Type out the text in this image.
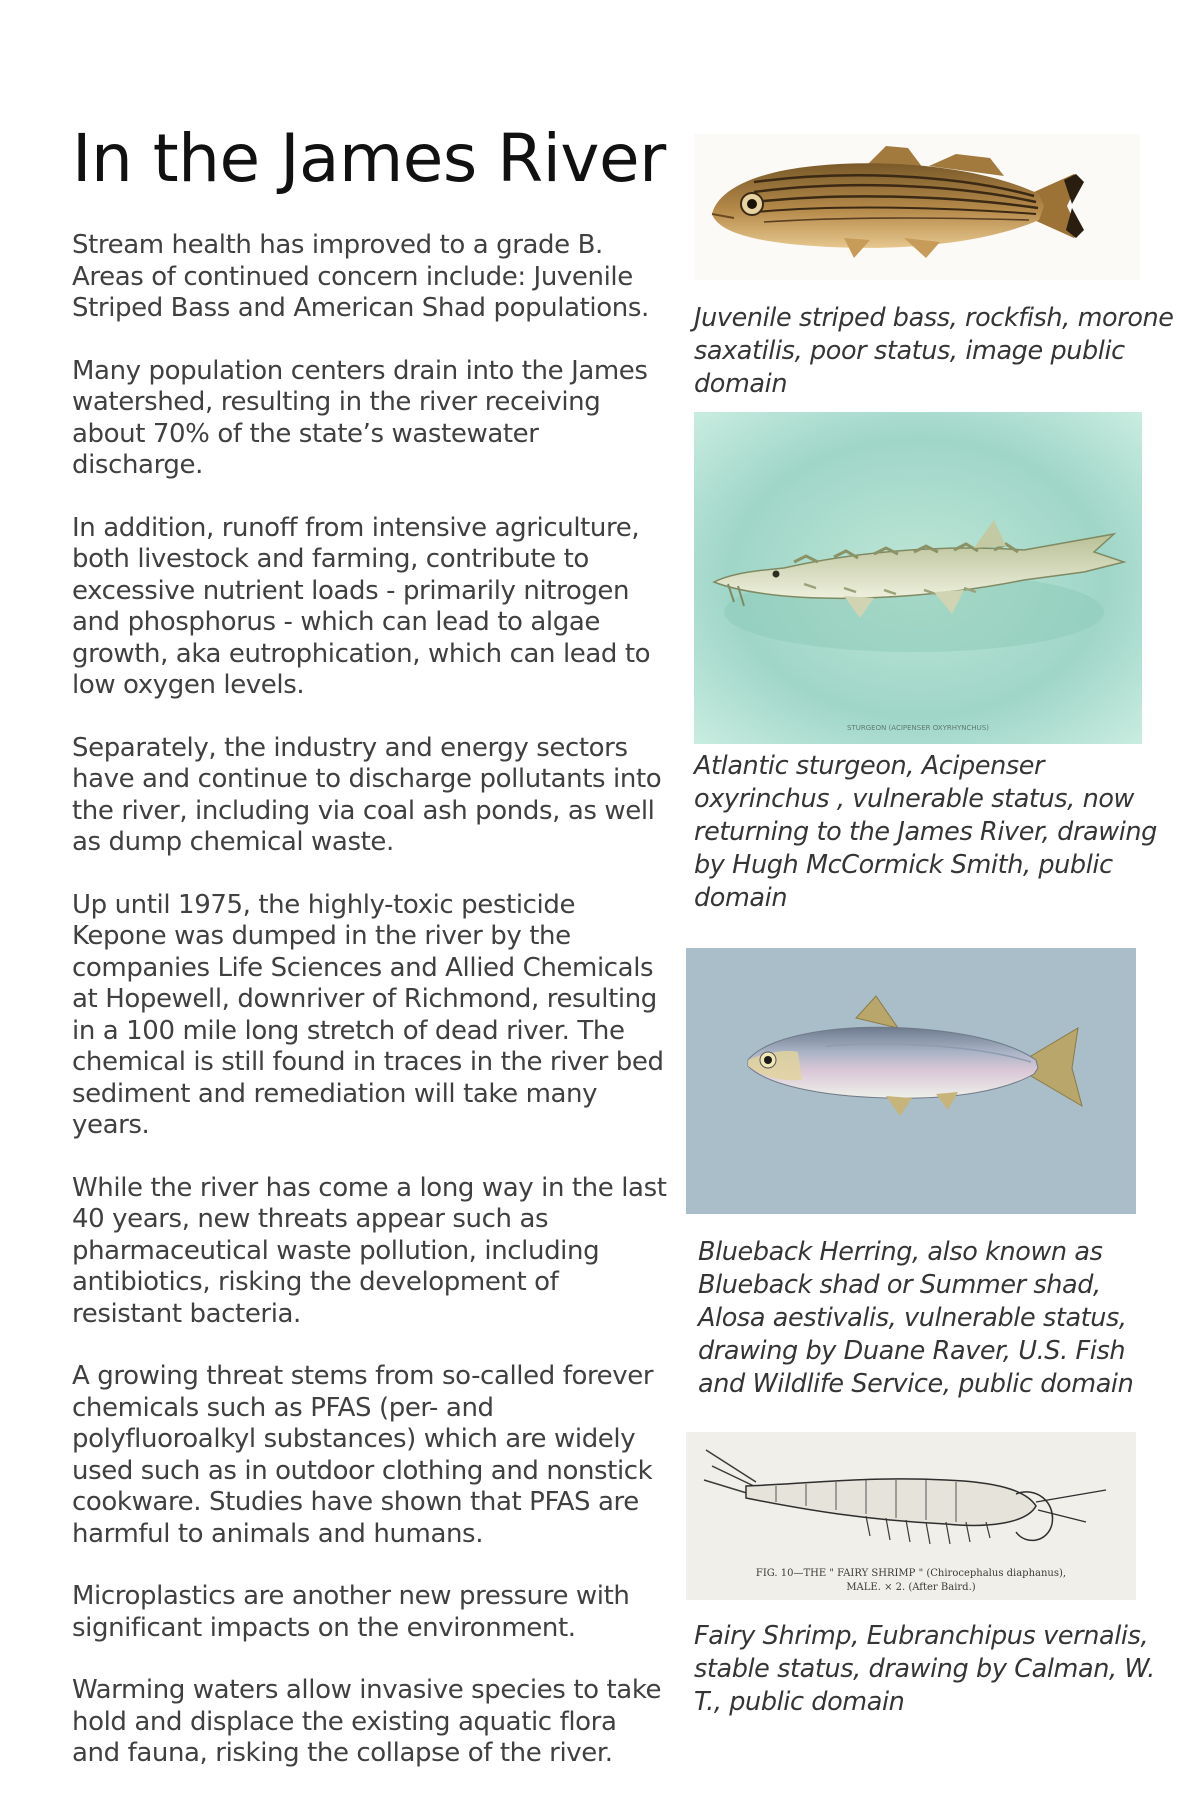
In the James River

Stream health has improved to a grade B. Areas of continued concern include: Juvenile Striped Bass and American Shad populations.

Many population centers drain into the James watershed, resulting in the river receiving about 70% of the state’s wastewater discharge.

In addition, runoff from intensive agriculture, both livestock and farming, contribute to excessive nutrient loads - primarily nitrogen and phosphorus - which can lead to algae growth, aka eutrophication, which can lead to low oxygen levels.

Separately, the industry and energy sectors have and continue to discharge pollutants into the river, including via coal ash ponds, as well as dump chemical waste.

Up until 1975, the highly-toxic pesticide Kepone was dumped in the river by the companies Life Sciences and Allied Chemicals at Hopewell, downriver of Richmond, resulting in a 100 mile long stretch of dead river. The chemical is still found in traces in the river bed sediment and remediation will take many years.

While the river has come a long way in the last 40 years, new threats appear such as pharmaceutical waste pollution, including antibiotics, risking the development of resistant bacteria.

A growing threat stems from so-called forever chemicals such as PFAS (per- and polyfluoroalkyl substances) which are widely used such as in outdoor clothing and nonstick cookware. Studies have shown that PFAS are harmful to animals and humans.

Microplastics are another new pressure with significant impacts on the environment.

Warming waters allow invasive species to take hold and displace the existing aquatic flora and fauna, risking the collapse of the river.

Juvenile striped bass, rockfish, morone saxatilis, poor status, image public domain

STURGEON (ACIPENSER OXYRHYNCHUS)

Atlantic sturgeon, Acipenser oxyrinchus , vulnerable status, now returning to the James River, drawing by Hugh McCormick Smith, public domain

Blueback Herring, also known as Blueback shad or Summer shad, Alosa aestivalis, vulnerable status, drawing by Duane Raver, U.S. Fish and Wildlife Service, public domain

FIG. 10—THE " FAIRY SHRIMP " (Chirocephalus diaphanus),
MALE. × 2. (After Baird.)

Fairy Shrimp, Eubranchipus vernalis, stable status, drawing by Calman, W. T., public domain
